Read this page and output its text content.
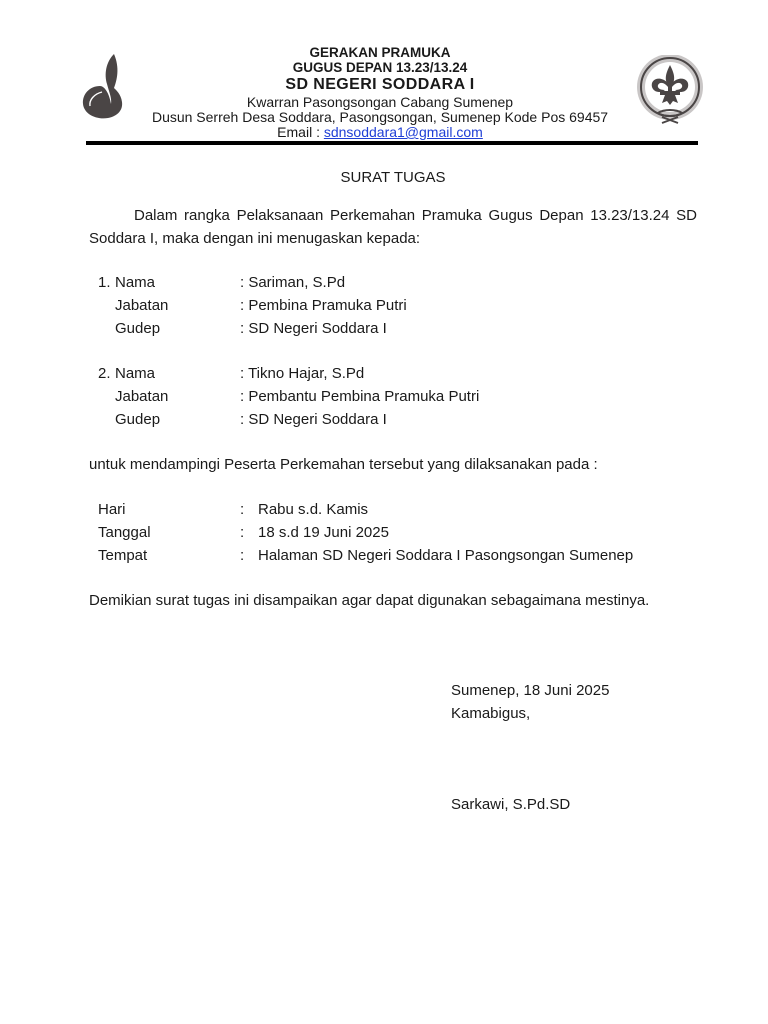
GERAKAN PRAMUKA
GUGUS DEPAN 13.23/13.24
SD NEGERI SODDARA I
Kwarran Pasongsongan Cabang Sumenep
Dusun Serreh Desa Soddara, Pasongsongan, Sumenep Kode Pos 69457
Email : sdnsoddara1@gmail.com
SURAT TUGAS
Dalam rangka Pelaksanaan Perkemahan Pramuka Gugus Depan 13.23/13.24 SD
Soddara I, maka dengan ini menugaskan kepada:
1. Nama	: Sariman, S.Pd
Jabatan	: Pembina Pramuka Putri
Gudep	: SD Negeri Soddara I
2. Nama	: Tikno Hajar, S.Pd
Jabatan	: Pembantu Pembina Pramuka Putri
Gudep	: SD Negeri Soddara I
untuk mendampingi Peserta Perkemahan tersebut yang dilaksanakan pada :
Hari	: Rabu s.d. Kamis
Tanggal	: 18 s.d 19 Juni 2025
Tempat	: Halaman SD Negeri Soddara I Pasongsongan Sumenep
Demikian surat tugas ini disampaikan agar dapat digunakan sebagaimana mestinya.
Sumenep, 18 Juni 2025
Kamabigus,
Sarkawi, S.Pd.SD
